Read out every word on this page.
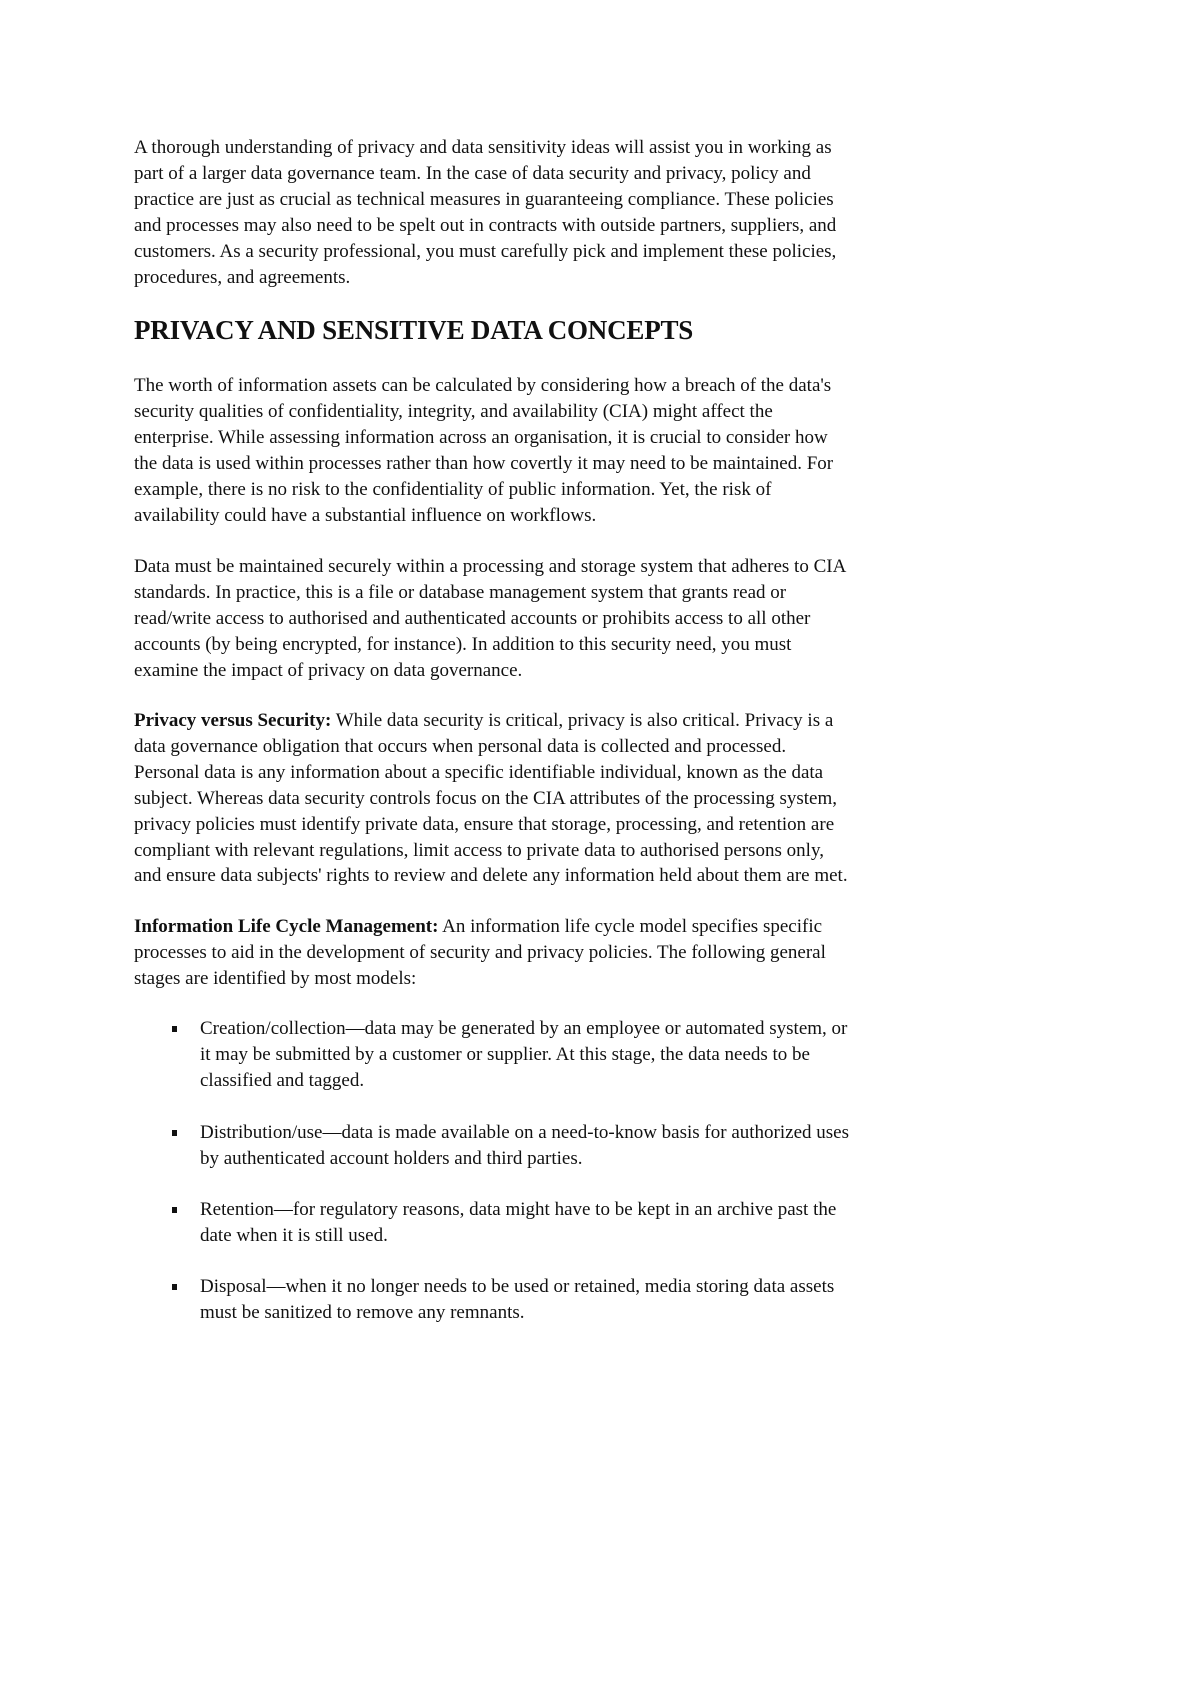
A thorough understanding of privacy and data sensitivity ideas will assist you in working as
part of a larger data governance team. In the case of data security and privacy, policy and
practice are just as crucial as technical measures in guaranteeing compliance. These policies
and processes may also need to be spelt out in contracts with outside partners, suppliers, and
customers. As a security professional, you must carefully pick and implement these policies,
procedures, and agreements.
PRIVACY AND SENSITIVE DATA CONCEPTS
The worth of information assets can be calculated by considering how a breach of the data's
security qualities of confidentiality, integrity, and availability (CIA) might affect the
enterprise. While assessing information across an organisation, it is crucial to consider how
the data is used within processes rather than how covertly it may need to be maintained. For
example, there is no risk to the confidentiality of public information. Yet, the risk of
availability could have a substantial influence on workflows.
Data must be maintained securely within a processing and storage system that adheres to CIA
standards. In practice, this is a file or database management system that grants read or
read/write access to authorised and authenticated accounts or prohibits access to all other
accounts (by being encrypted, for instance). In addition to this security need, you must
examine the impact of privacy on data governance.
Privacy versus Security: While data security is critical, privacy is also critical. Privacy is a
data governance obligation that occurs when personal data is collected and processed.
Personal data is any information about a specific identifiable individual, known as the data
subject. Whereas data security controls focus on the CIA attributes of the processing system,
privacy policies must identify private data, ensure that storage, processing, and retention are
compliant with relevant regulations, limit access to private data to authorised persons only,
and ensure data subjects' rights to review and delete any information held about them are met.
Information Life Cycle Management: An information life cycle model specifies specific
processes to aid in the development of security and privacy policies. The following general
stages are identified by most models:
Creation/collection—data may be generated by an employee or automated system, or
it may be submitted by a customer or supplier. At this stage, the data needs to be
classified and tagged.
Distribution/use—data is made available on a need-to-know basis for authorized uses
by authenticated account holders and third parties.
Retention—for regulatory reasons, data might have to be kept in an archive past the
date when it is still used.
Disposal—when it no longer needs to be used or retained, media storing data assets
must be sanitized to remove any remnants.
